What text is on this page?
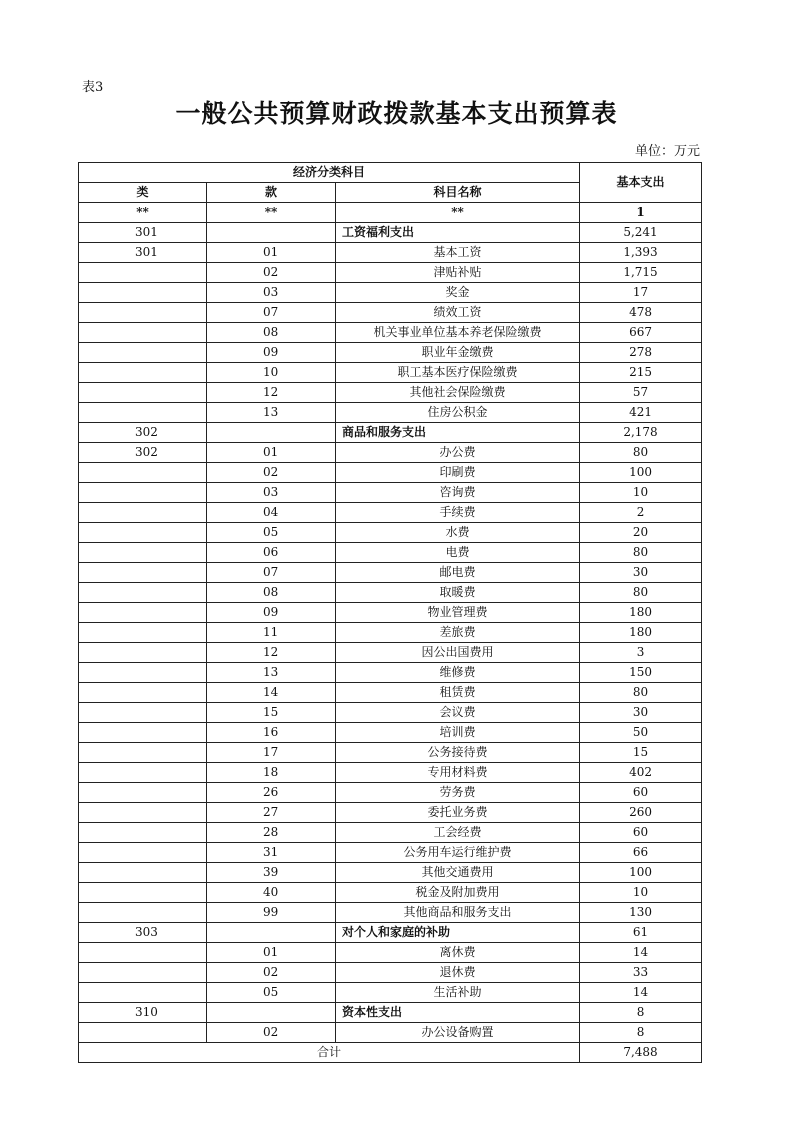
表3
一般公共预算财政拨款基本支出预算表
单位：万元
经济分类科目			基本支出
类	款	科目名称	
**	**	**	1
301		工资福利支出	5,241
301	01	基本工资	1,393
	02	津贴补贴	1,715
	03	奖金	17
	07	绩效工资	478
	08	机关事业单位基本养老保险缴费	667
	09	职业年金缴费	278
	10	职工基本医疗保险缴费	215
	12	其他社会保险缴费	57
	13	住房公积金	421
302		商品和服务支出	2,178
302	01	办公费	80
	02	印刷费	100
	03	咨询费	10
	04	手续费	2
	05	水费	20
	06	电费	80
	07	邮电费	30
	08	取暖费	80
	09	物业管理费	180
	11	差旅费	180
	12	因公出国费用	3
	13	维修费	150
	14	租赁费	80
	15	会议费	30
	16	培训费	50
	17	公务接待费	15
	18	专用材料费	402
	26	劳务费	60
	27	委托业务费	260
	28	工会经费	60
	31	公务用车运行维护费	66
	39	其他交通费用	100
	40	税金及附加费用	10
	99	其他商品和服务支出	130
303		对个人和家庭的补助	61
	01	离休费	14
	02	退休费	33
	05	生活补助	14
310		资本性支出	8
	02	办公设备购置	8
合计			7,488
